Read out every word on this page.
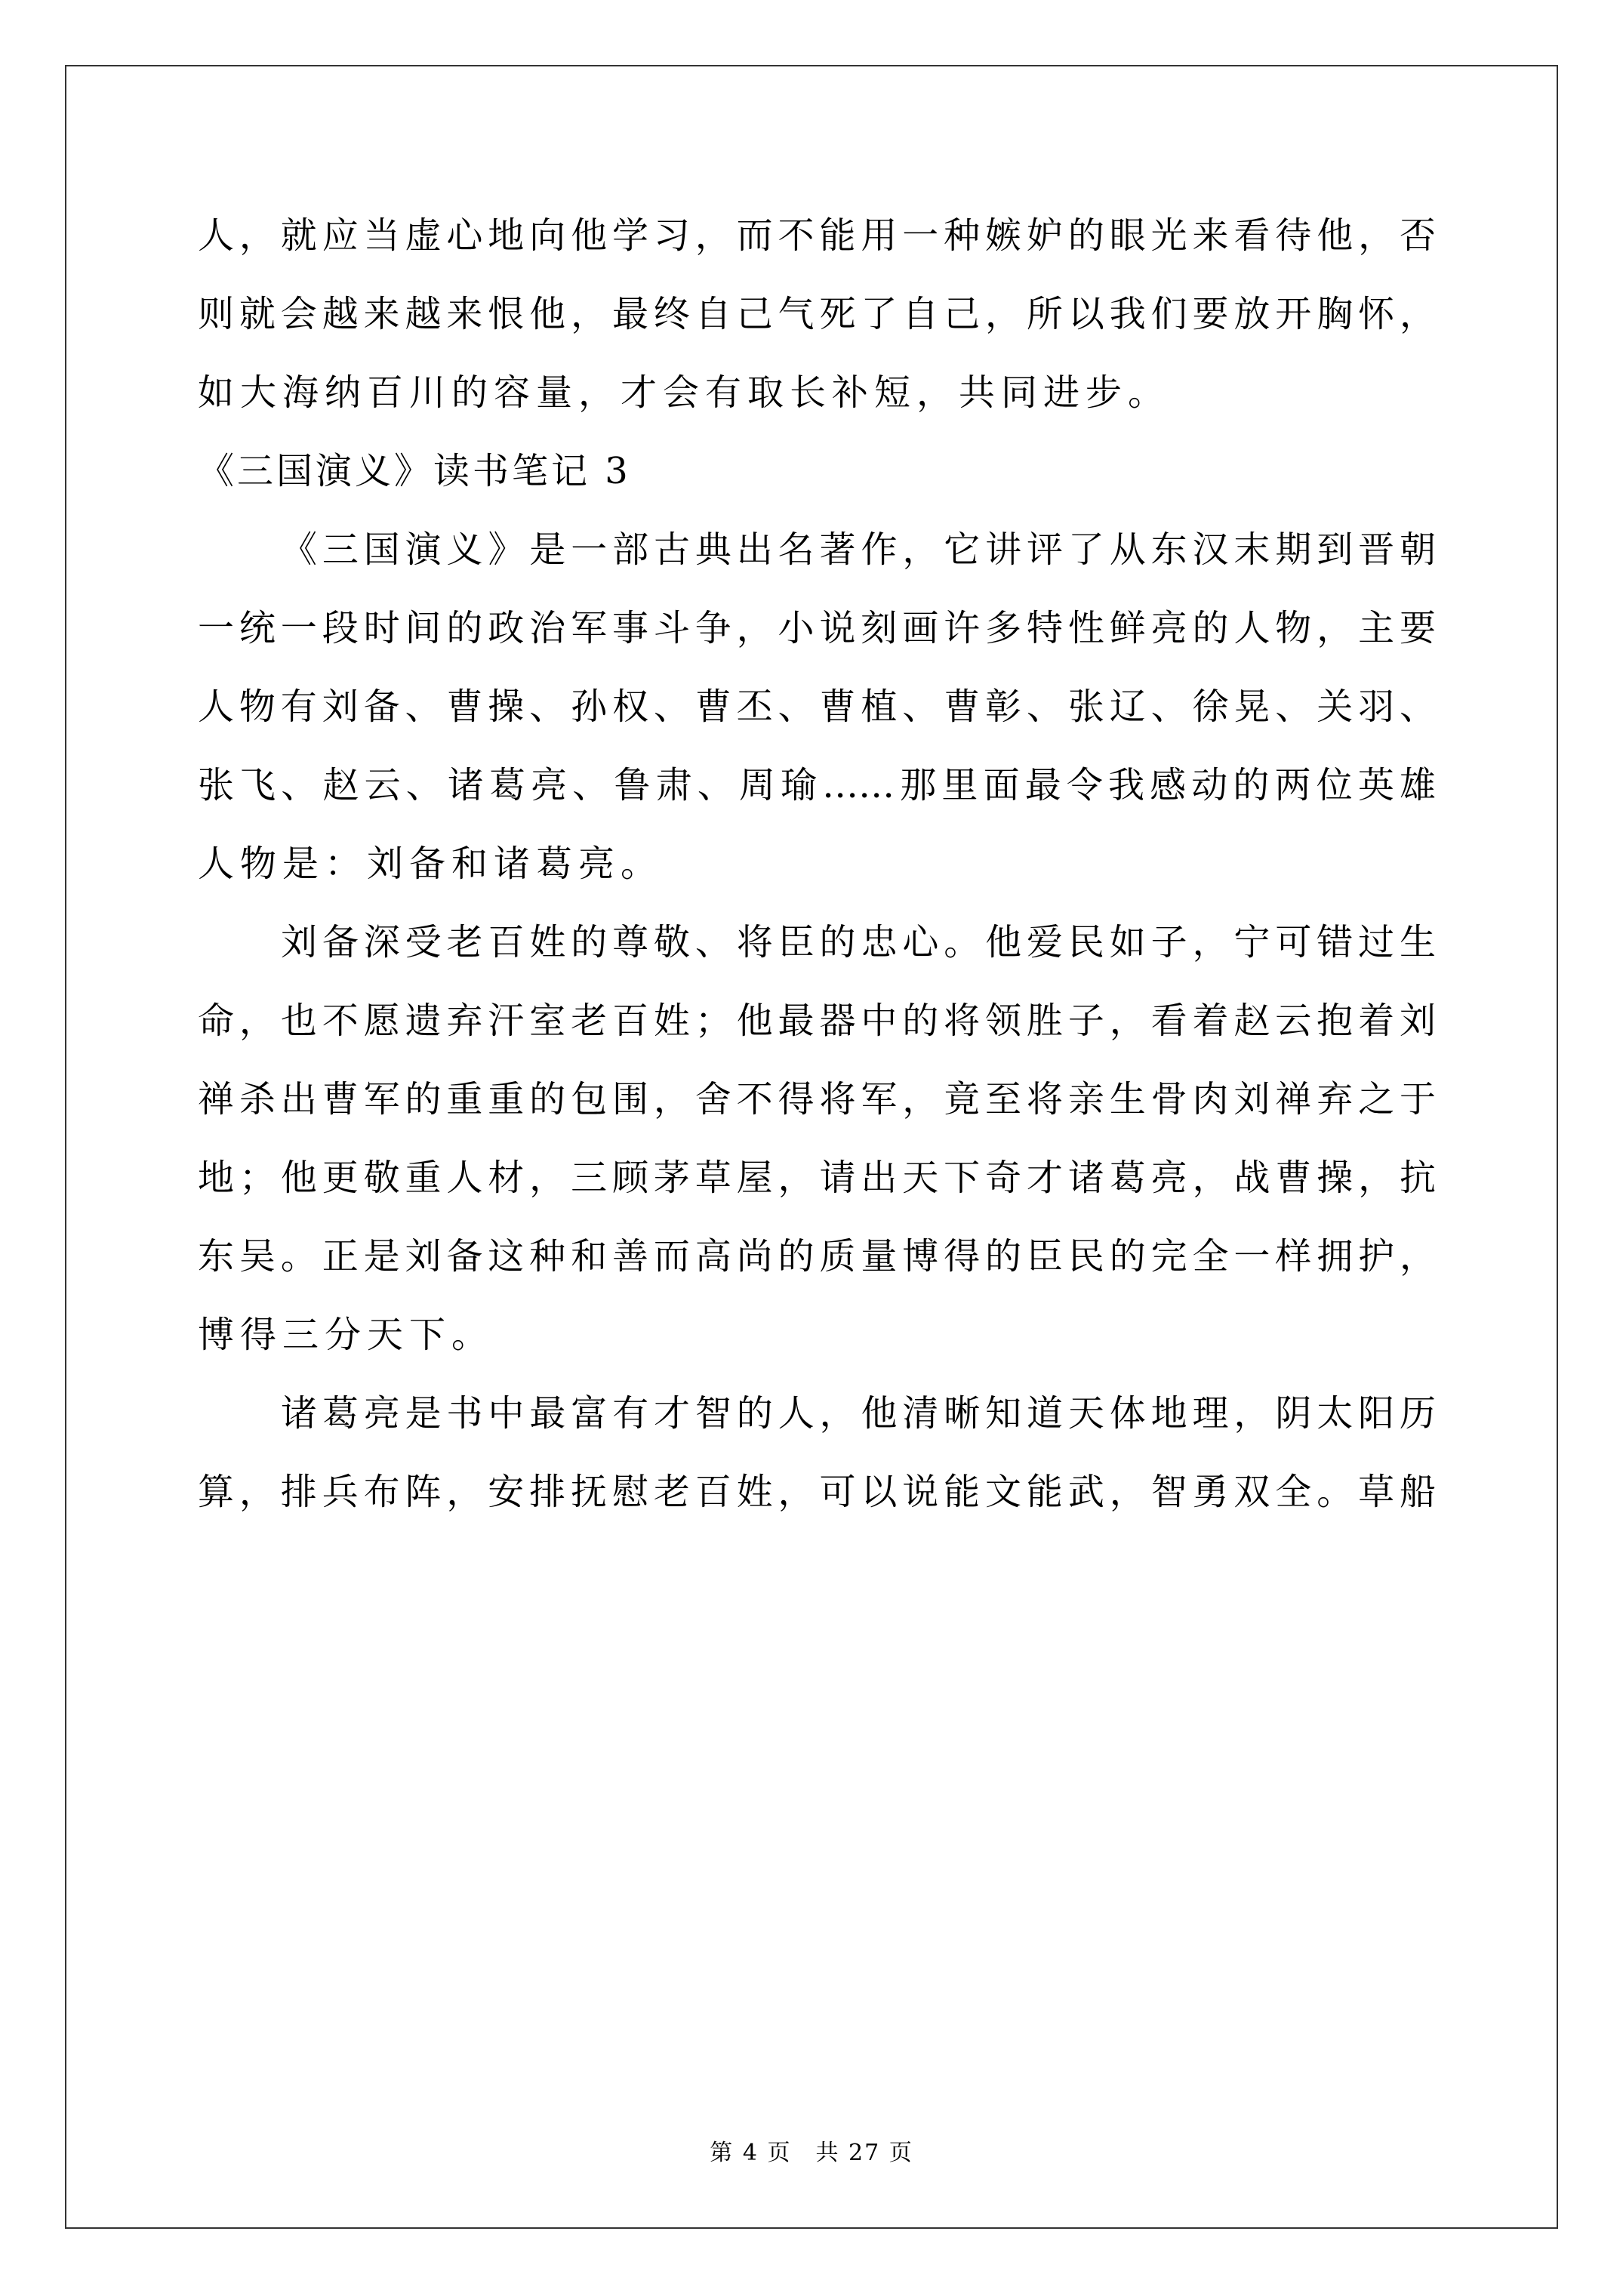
人，就应当虚心地向他学习，而不能用一种嫉妒的眼光来看待他，否
则就会越来越来恨他，最终自己气死了自己，所以我们要放开胸怀，
如大海纳百川的容量，才会有取长补短，共同进步。
《三国演义》读书笔记 3
《三国演义》是一部古典出名著作，它讲评了从东汉末期到晋朝
一统一段时间的政治军事斗争，小说刻画许多特性鲜亮的人物，主要
人物有刘备、曹操、孙权、曹丕、曹植、曹彰、张辽、徐晃、关羽、
张飞、赵云、诸葛亮、鲁肃、周瑜……那里面最令我感动的两位英雄
人物是：刘备和诸葛亮。
刘备深受老百姓的尊敬、将臣的忠心。他爱民如子，宁可错过生
命，也不愿遗弃汗室老百姓；他最器中的将领胜子，看着赵云抱着刘
禅杀出曹军的重重的包围，舍不得将军，竟至将亲生骨肉刘禅弃之于
地；他更敬重人材，三顾茅草屋，请出天下奇才诸葛亮，战曹操，抗
东吴。正是刘备这种和善而高尚的质量博得的臣民的完全一样拥护，
博得三分天下。
诸葛亮是书中最富有才智的人，他清晰知道天体地理，阴太阳历
算，排兵布阵，安排抚慰老百姓，可以说能文能武，智勇双全。草船
第 4 页　共 27 页
